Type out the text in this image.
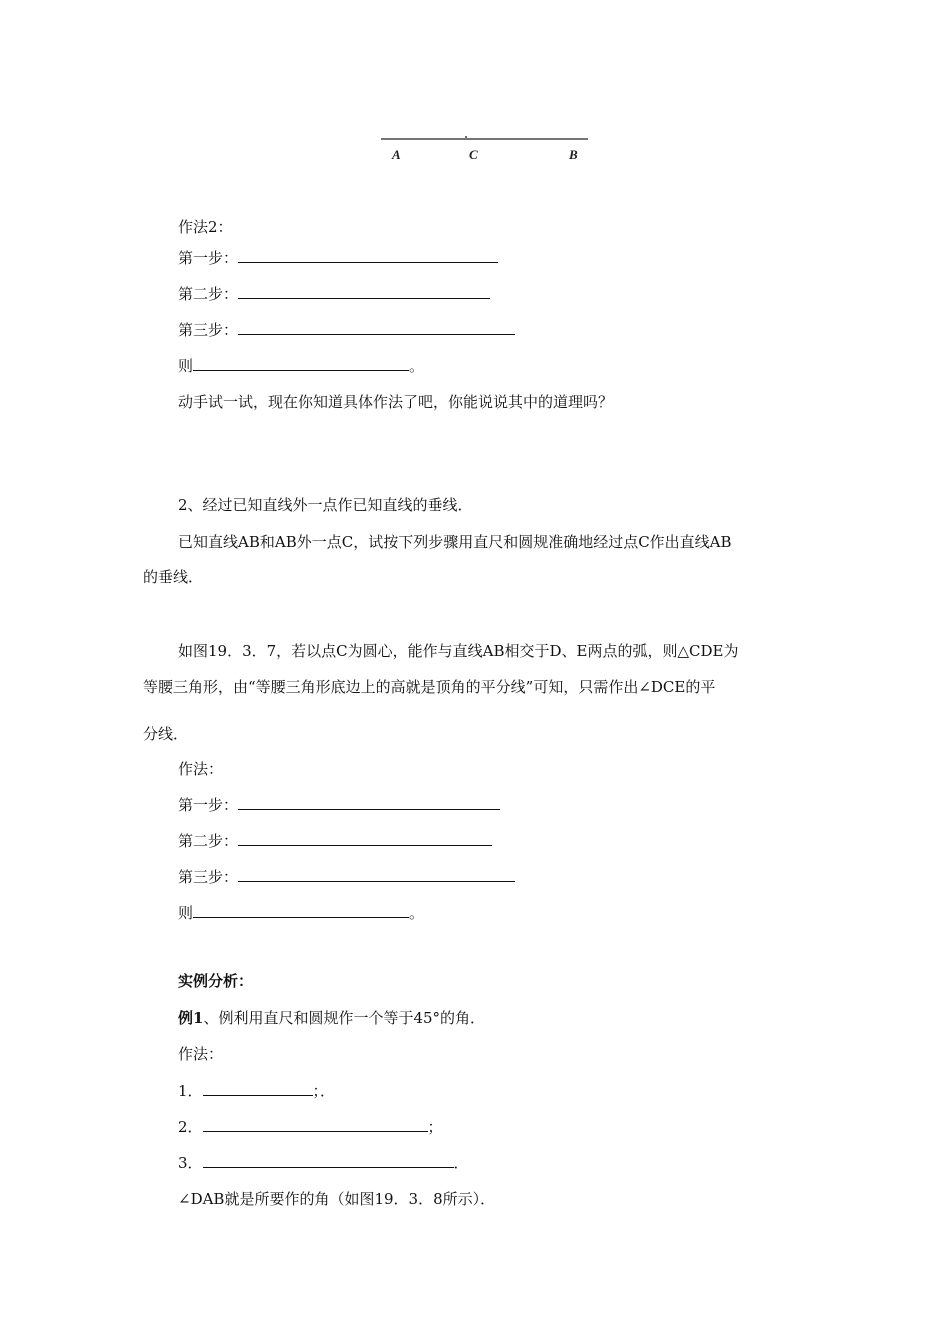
A	C	B
作法2：
第一步：
第二步：
第三步：
则	。
动手试一试，现在你知道具体作法了吧，你能说说其中的道理吗？
2、经过已知直线外一点作已知直线的垂线．
已知直线AB和AB外一点C，试按下列步骤用直尺和圆规准确地经过点C作出直线AB
的垂线．
如图19．3．7，若以点C为圆心，能作与直线AB相交于D、E两点的弧，则△CDE为
等腰三角形，由“等腰三角形底边上的高就是顶角的平分线”可知，只需作出∠DCE的平
分线．
作法：
第一步：
第二步：
第三步：
则	。
实例分析：
例1、例利用直尺和圆规作一个等于45°的角．
作法：
1．	；．
2．	；
3．	．
∠DAB就是所要作的角（如图19．3．8所示）．
